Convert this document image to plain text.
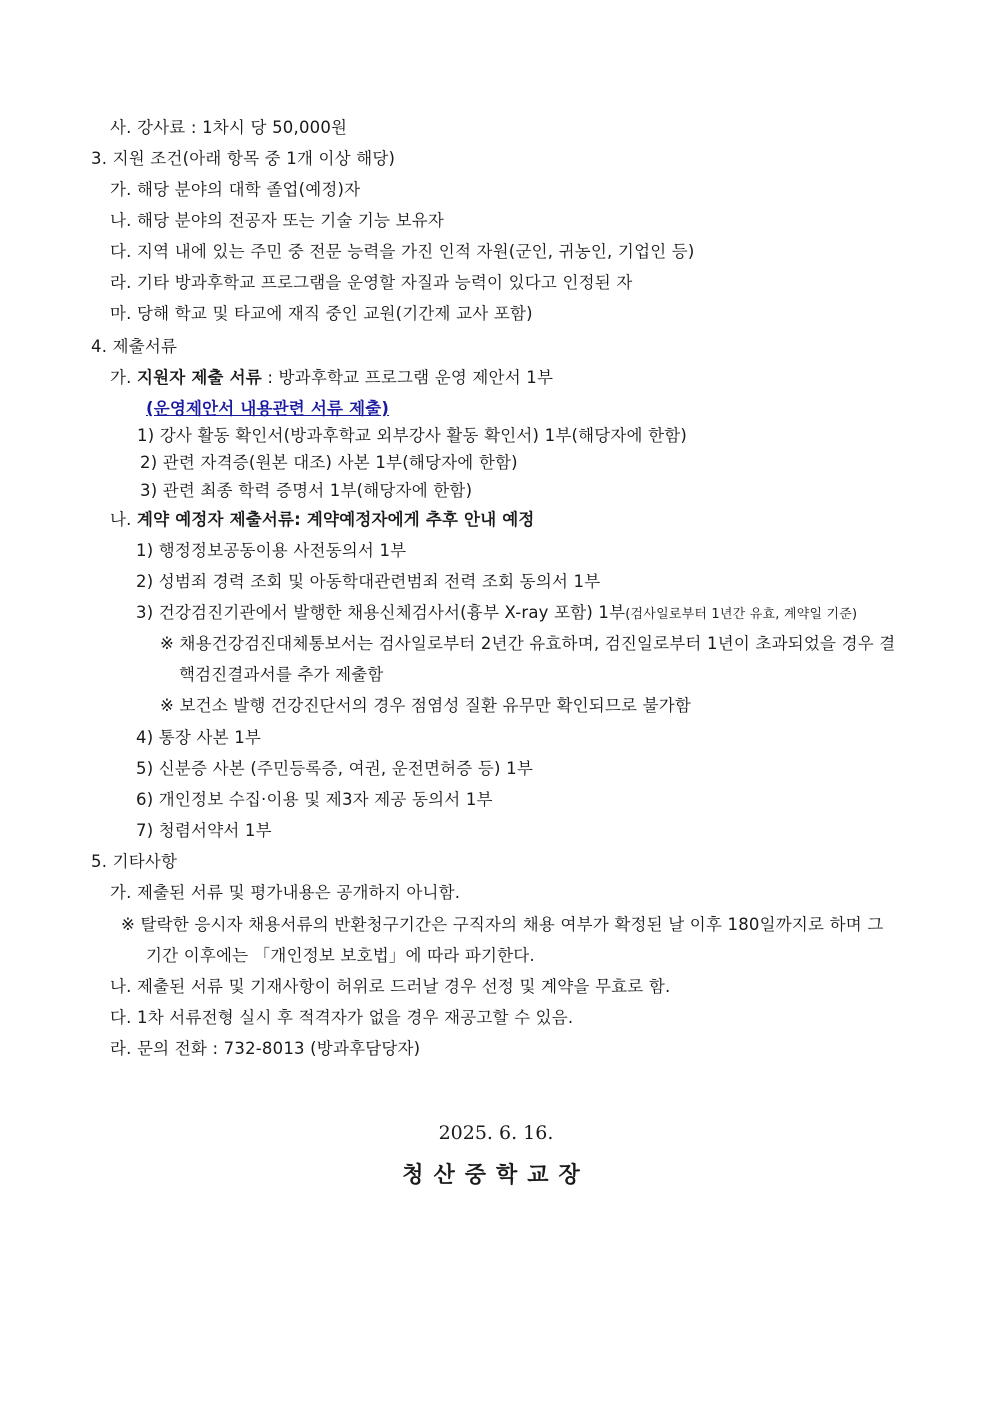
사. 강사료 : 1차시 당 50,000원
3. 지원 조건(아래 항목 중 1개 이상 해당)
가. 해당 분야의 대학 졸업(예정)자
나. 해당 분야의 전공자 또는 기술 기능 보유자
다. 지역 내에 있는 주민 중 전문 능력을 가진 인적 자원(군인, 귀농인, 기업인 등)
라. 기타 방과후학교 프로그램을 운영할 자질과 능력이 있다고 인정된 자
마. 당해 학교 및 타교에 재직 중인 교원(기간제 교사 포함)
4. 제출서류
가. 지원자 제출 서류 : 방과후학교 프로그램 운영 제안서 1부
(운영제안서 내용관련 서류 제출)
1) 강사 활동 확인서(방과후학교 외부강사 활동 확인서) 1부(해당자에 한함)
2) 관련 자격증(원본 대조) 사본 1부(해당자에 한함)
3) 관련 최종 학력 증명서 1부(해당자에 한함)
나. 계약 예정자 제출서류: 계약예정자에게 추후 안내 예정
1) 행정정보공동이용 사전동의서 1부
2) 성범죄 경력 조회 및 아동학대관련범죄 전력 조회 동의서 1부
3) 건강검진기관에서 발행한 채용신체검사서(흉부 X-ray 포함) 1부(검사일로부터 1년간 유효, 계약일 기준)
※ 채용건강검진대체통보서는 검사일로부터 2년간 유효하며, 검진일로부터 1년이 초과되었을 경우 결
핵검진결과서를 추가 제출함
※ 보건소 발행 건강진단서의 경우 점염성 질환 유무만 확인되므로 불가함
4) 통장 사본 1부
5) 신분증 사본 (주민등록증, 여권, 운전면허증 등) 1부
6) 개인정보 수집·이용 및 제3자 제공 동의서 1부
7) 청렴서약서 1부
5. 기타사항
가. 제출된 서류 및 평가내용은 공개하지 아니함.
※ 탈락한 응시자 채용서류의 반환청구기간은 구직자의 채용 여부가 확정된 날 이후 180일까지로 하며 그
기간 이후에는 「개인정보 보호법」에 따라 파기한다.
나. 제출된 서류 및 기재사항이 허위로 드러날 경우 선정 및 계약을 무효로 함.
다. 1차 서류전형 실시 후 적격자가 없을 경우 재공고할 수 있음.
라. 문의 전화 : 732-8013 (방과후담당자)
2025. 6. 16.
청산중학교장
